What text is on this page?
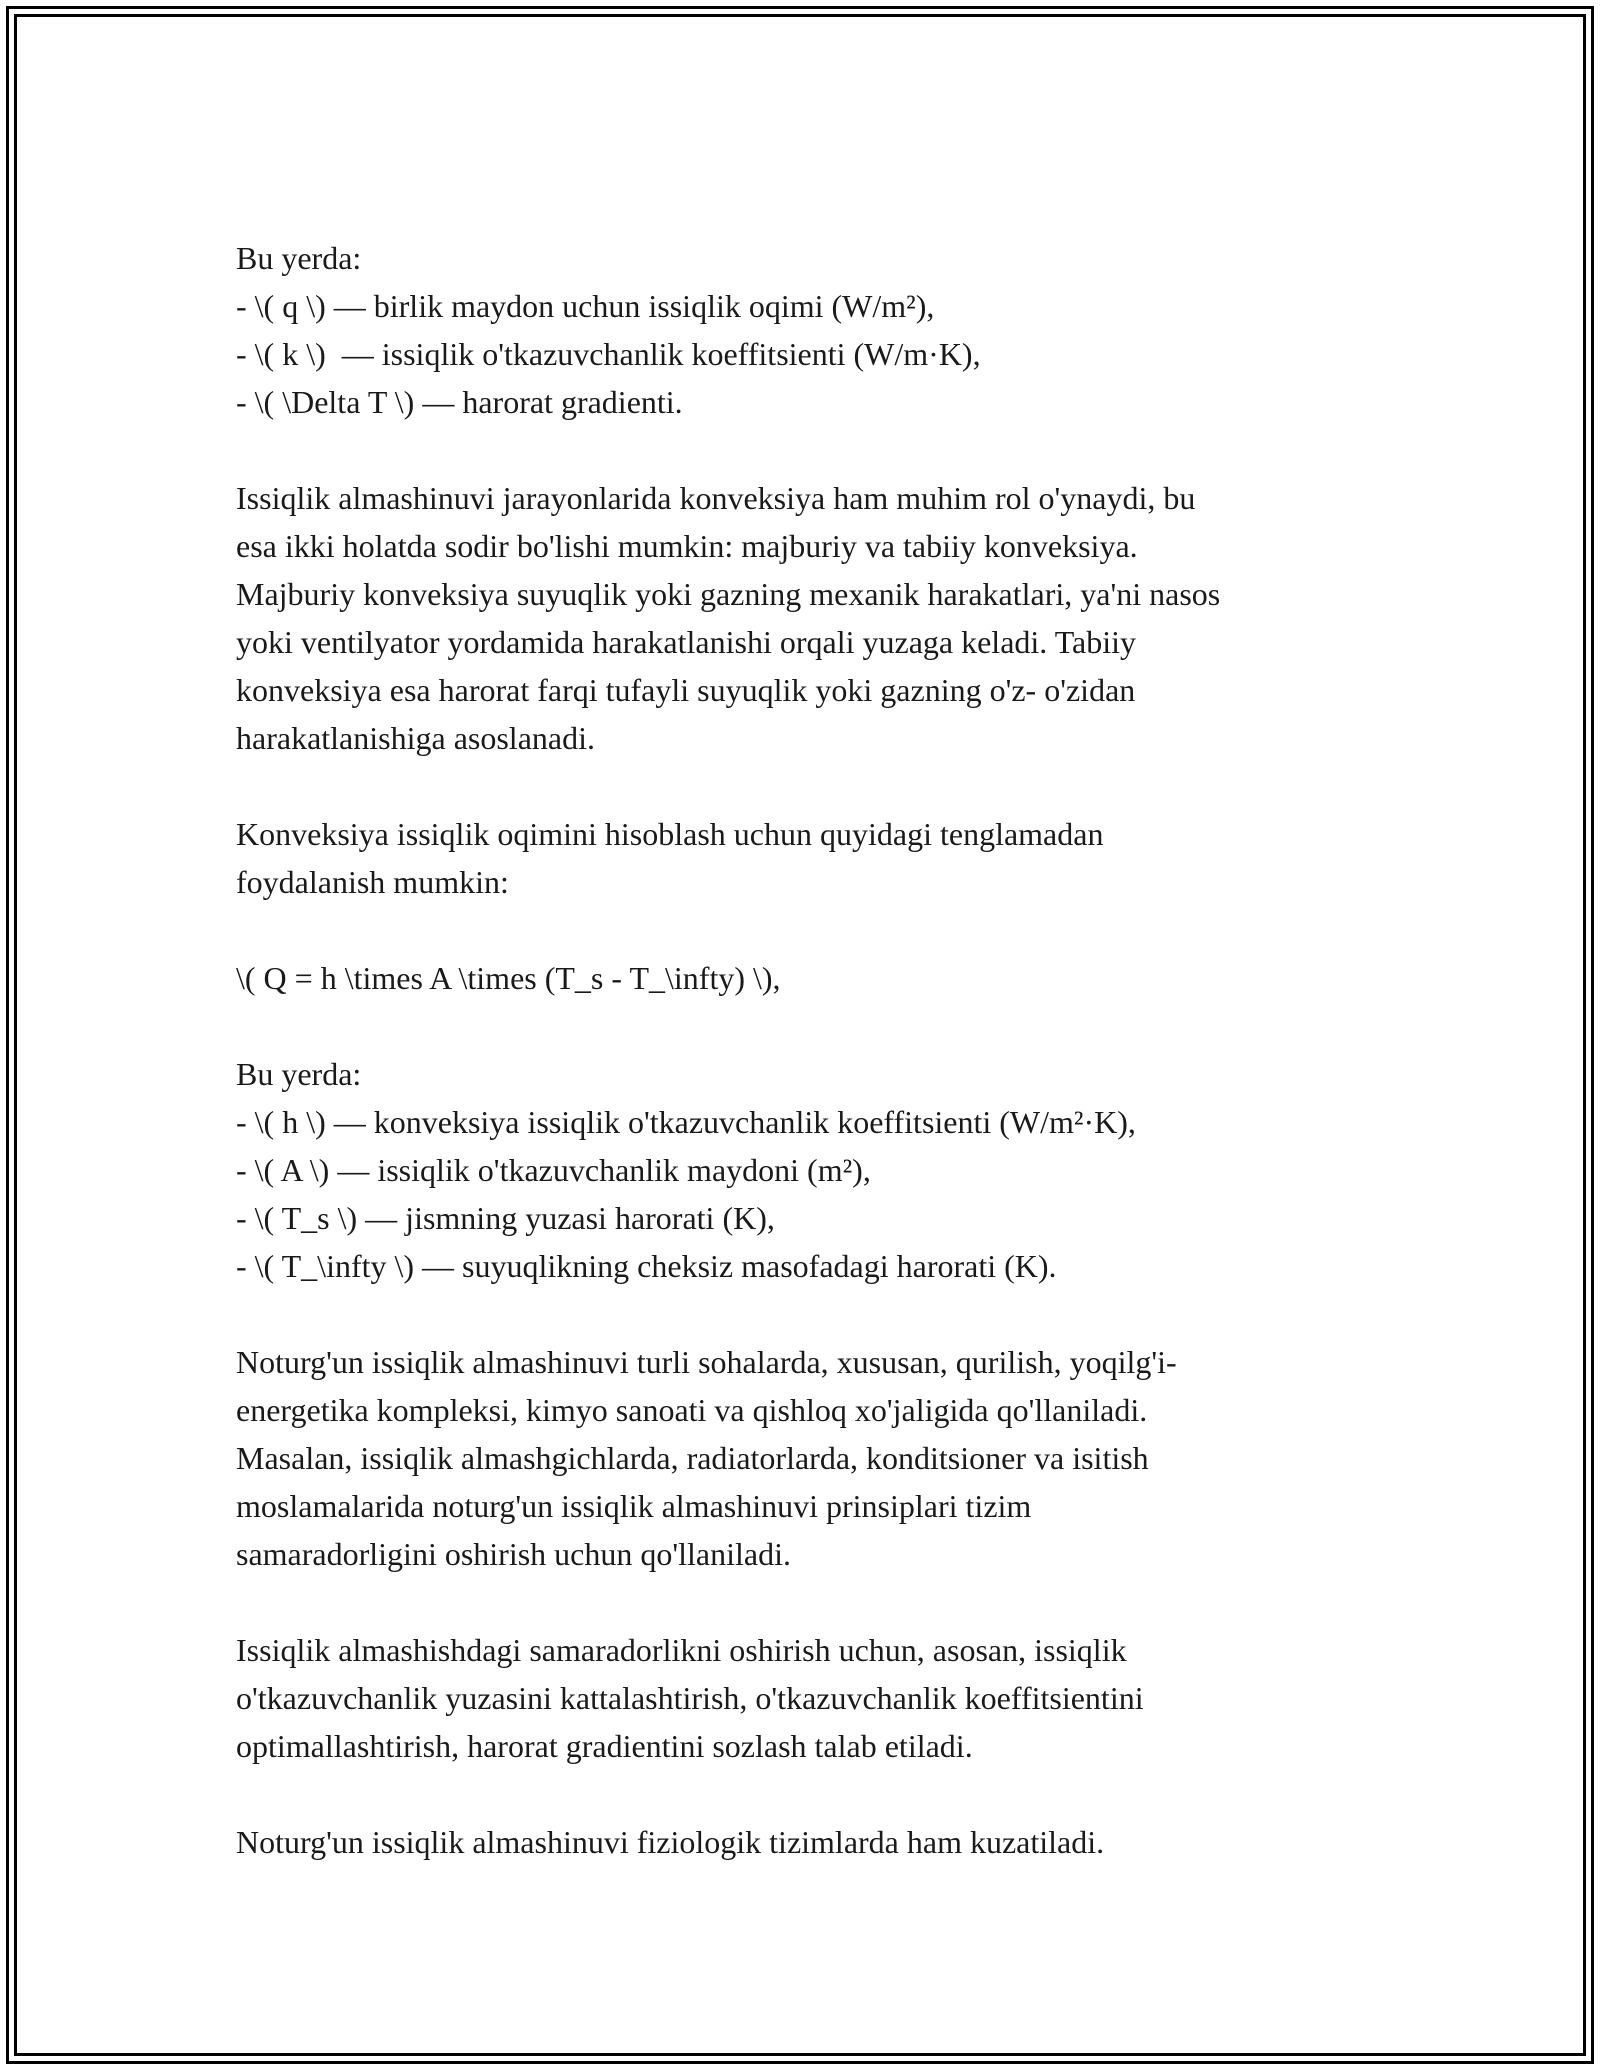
Bu yerda:
- \( q \) — birlik maydon uchun issiqlik oqimi (W/m²),
- \( k \)  — issiqlik o'tkazuvchanlik koeffitsienti (W/m·K),
- \( \Delta T \) — harorat gradienti.
Issiqlik almashinuvi jarayonlarida konveksiya ham muhim rol o'ynaydi, bu
esa ikki holatda sodir bo'lishi mumkin: majburiy va tabiiy konveksiya.
Majburiy konveksiya suyuqlik yoki gazning mexanik harakatlari, ya'ni nasos
yoki ventilyator yordamida harakatlanishi orqali yuzaga keladi. Tabiiy
konveksiya esa harorat farqi tufayli suyuqlik yoki gazning o'z- o'zidan
harakatlanishiga asoslanadi.
Konveksiya issiqlik oqimini hisoblash uchun quyidagi tenglamadan
foydalanish mumkin:
\( Q = h \times A \times (T_s - T_\infty) \),
Bu yerda:
- \( h \) — konveksiya issiqlik o'tkazuvchanlik koeffitsienti (W/m²·K),
- \( A \) — issiqlik o'tkazuvchanlik maydoni (m²),
- \( T_s \) — jismning yuzasi harorati (K),
- \( T_\infty \) — suyuqlikning cheksiz masofadagi harorati (K).
Noturg'un issiqlik almashinuvi turli sohalarda, xususan, qurilish, yoqilg'i-
energetika kompleksi, kimyo sanoati va qishloq xo'jaligida qo'llaniladi.
Masalan, issiqlik almashgichlarda, radiatorlarda, konditsioner va isitish
moslamalarida noturg'un issiqlik almashinuvi prinsiplari tizim
samaradorligini oshirish uchun qo'llaniladi.
Issiqlik almashishdagi samaradorlikni oshirish uchun, asosan, issiqlik
o'tkazuvchanlik yuzasini kattalashtirish, o'tkazuvchanlik koeffitsientini
optimallashtirish, harorat gradientini sozlash talab etiladi.
Noturg'un issiqlik almashinuvi fiziologik tizimlarda ham kuzatiladi.
